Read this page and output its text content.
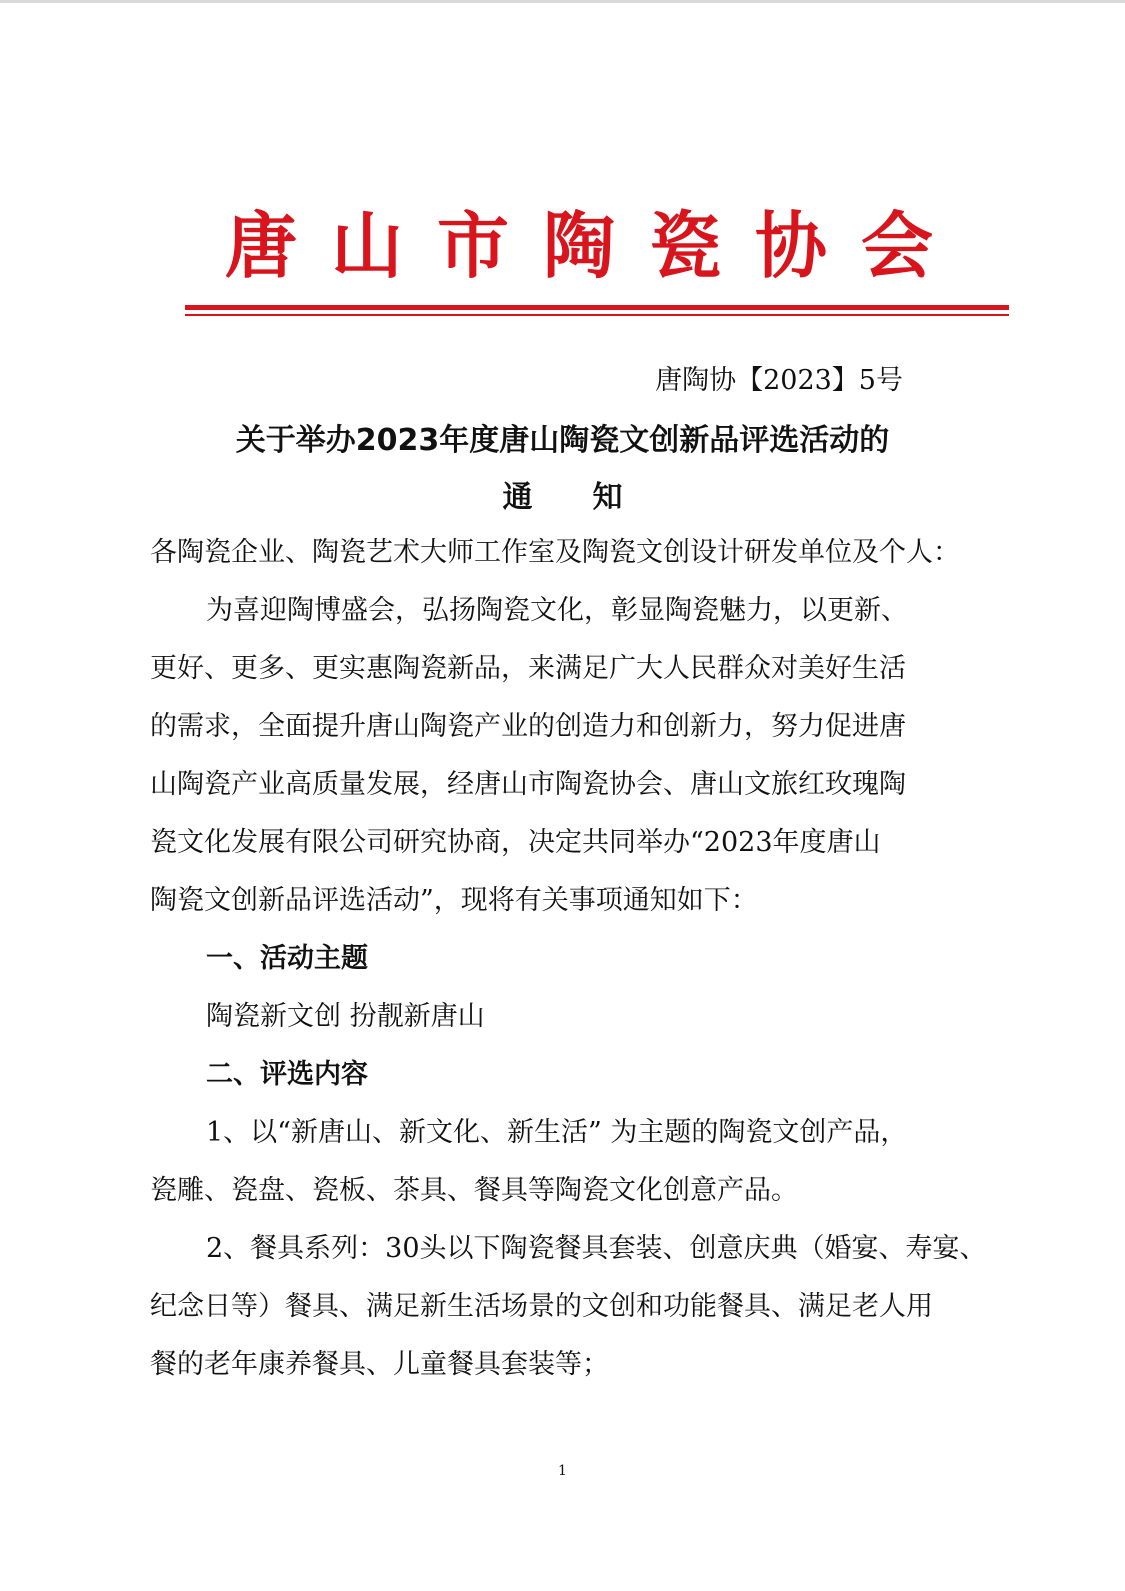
唐山市陶瓷协会
唐陶协【2023】5号
关于举办2023年度唐山陶瓷文创新品评选活动的
通知
各陶瓷企业、陶瓷艺术大师工作室及陶瓷文创设计研发单位及个人：
为喜迎陶博盛会，弘扬陶瓷文化，彰显陶瓷魅力，以更新、
更好、更多、更实惠陶瓷新品，来满足广大人民群众对美好生活
的需求，全面提升唐山陶瓷产业的创造力和创新力，努力促进唐
山陶瓷产业高质量发展，经唐山市陶瓷协会、唐山文旅红玫瑰陶
瓷文化发展有限公司研究协商，决定共同举办“2023年度唐山
陶瓷文创新品评选活动”，现将有关事项通知如下：
一、活动主题
陶瓷新文创 扮靓新唐山
二、评选内容
1、以“新唐山、新文化、新生活” 为主题的陶瓷文创产品，
瓷雕、瓷盘、瓷板、茶具、餐具等陶瓷文化创意产品。
2、餐具系列：30头以下陶瓷餐具套装、创意庆典（婚宴、寿宴、
纪念日等）餐具、满足新生活场景的文创和功能餐具、满足老人用
餐的老年康养餐具、儿童餐具套装等；
1
